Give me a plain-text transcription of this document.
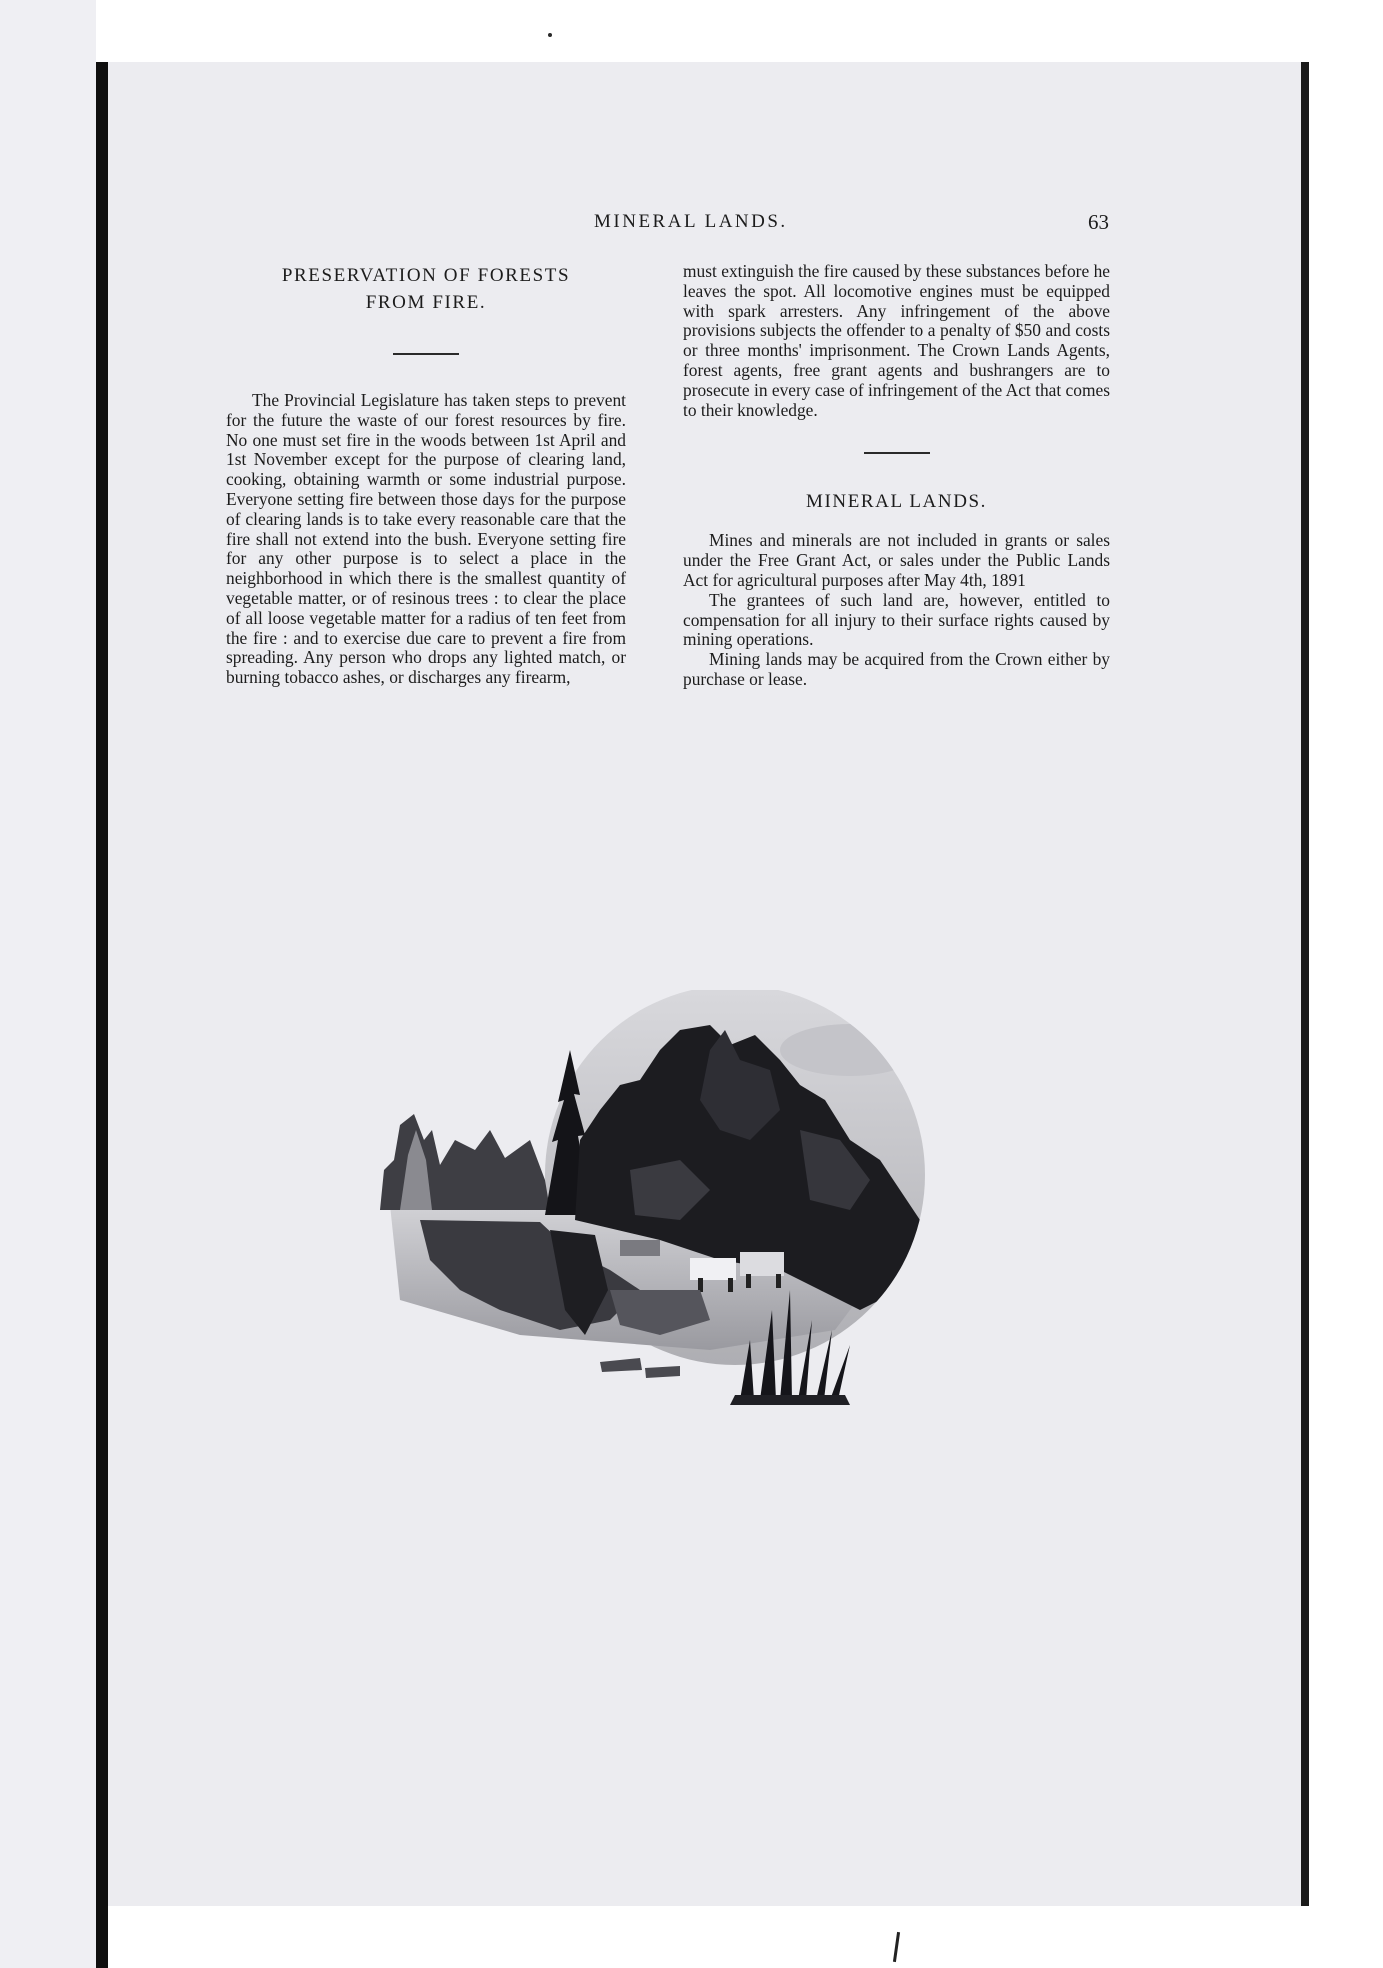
MINERAL LANDS.	63
PRESERVATION OF FORESTS
FROM FIRE.

The Provincial Legislature has taken steps to prevent for the future the waste of our forest resources by fire. No one must set fire in the woods between 1st April and 1st November except for the purpose of clearing land, cooking, obtaining warmth or some industrial purpose. Everyone setting fire between those days for the purpose of clearing lands is to take every reasonable care that the fire shall not extend into the bush. Everyone setting fire for any other purpose is to select a place in the neighborhood in which there is the smallest quantity of vegetable matter, or of resinous trees : to clear the place of all loose vegetable matter for a radius of ten feet from the fire : and to exercise due care to prevent a fire from spreading. Any person who drops any lighted match, or burning tobacco ashes, or discharges any firearm,

must extinguish the fire caused by these substances before he leaves the spot. All locomotive engines must be equipped with spark arresters. Any infringement of the above provisions subjects the offender to a penalty of $50 and costs or three months' imprisonment. The Crown Lands Agents, forest agents, free grant agents and bushrangers are to prosecute in every case of infringement of the Act that comes to their knowledge.

MINERAL LANDS.

Mines and minerals are not included in grants or sales under the Free Grant Act, or sales under the Public Lands Act for agricultural purposes after May 4th, 1891

The grantees of such land are, however, entitled to compensation for all injury to their surface rights caused by mining operations.

Mining lands may be acquired from the Crown either by purchase or lease.
